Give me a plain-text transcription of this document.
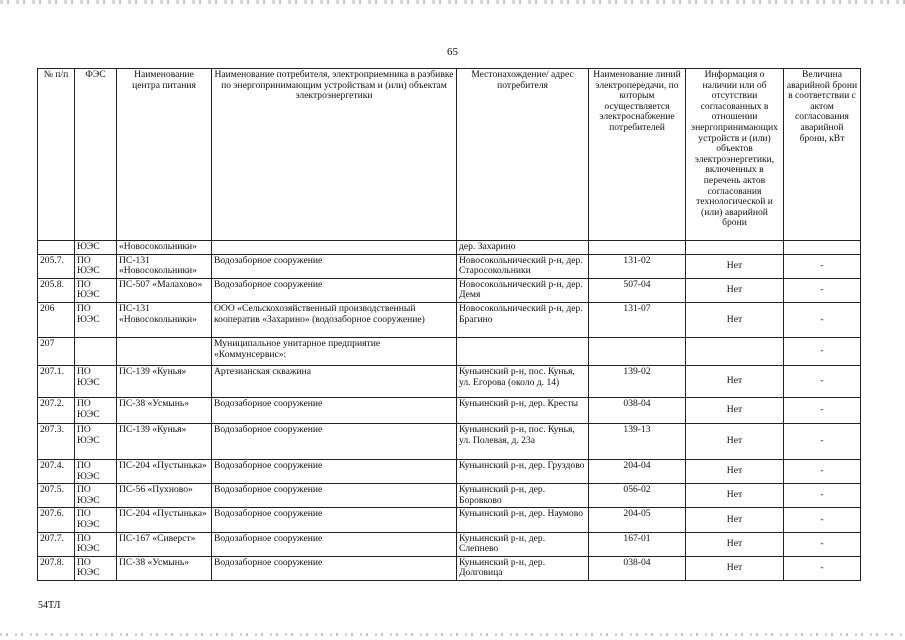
65
№ п/п	ФЭС	Наименование центра питания	Наименование потребителя, электроприемника в разбивке по энергопринимающим устройствам и (или) объектам электроэнергетики	Местонахождение/ адрес потребителя	Наименование линий электропередачи, по которым осуществляется электроснабжение потребителей	Информация о наличии или об отсутствии согласованных в отношении энергопринимающих устройств и (или) объектов электроэнергетики, включенных в перечень актов согласования технологической и (или) аварийной брони	Величина аварийной брони в соответствии с актом согласования аварийной брони, кВт
	ЮЭС	«Новосокольники»		дер. Захарино			
205.7.	ПО ЮЭС	ПС-131 «Новосокольники»	Водозаборное сооружение	Новосокольнический р-н, дер. Старосокольники	131-02	Нет	-
205.8.	ПО ЮЭС	ПС-507 «Малахово»	Водозаборное сооружение	Новосокольнический р-н, дер. Демя	507-04	Нет	-
206	ПО ЮЭС	ПС-131 «Новосокольники»	ООО «Сельскохозяйственный производственный кооператив «Захарино» (водозаборное сооружение)	Новосокольнический р-н, дер. Брагино	131-07	Нет	-
207			Муниципальное унитарное предприятие «Коммунсервис»:				-
207.1.	ПО ЮЭС	ПС-139 «Кунья»	Артезианская скважина	Куньинский р-н, пос. Кунья, ул. Егорова (около д. 14)	139-02	Нет	-
207.2.	ПО ЮЭС	ПС-38 «Усмынь»	Водозаборное сооружение	Куньинский р-н, дер. Кресты	038-04	Нет	-
207.3.	ПО ЮЭС	ПС-139 «Кунья»	Водозаборное сооружение	Куньинский р-н, пос. Кунья, ул. Полевая, д. 23а	139-13	Нет	-
207.4.	ПО ЮЭС	ПС-204 «Пустынька»	Водозаборное сооружение	Куньинский р-н, дер. Груздово	204-04	Нет	-
207.5.	ПО ЮЭС	ПС-56 «Пухново»	Водозаборное сооружение	Куньинский р-н, дер. Боровково	056-02	Нет	-
207.6.	ПО ЮЭС	ПС-204 «Пустынька»	Водозаборное сооружение	Куньинский р-н, дер. Наумово	204-05	Нет	-
207.7.	ПО ЮЭС	ПС-167 «Сиверст»	Водозаборное сооружение	Куньинский р-н, дер. Слепнево	167-01	Нет	-
207.8.	ПО ЮЭС	ПС-38 «Усмынь»	Водозаборное сооружение	Куньинский р-н, дер. Долговица	038-04	Нет	-
54ТЛ
